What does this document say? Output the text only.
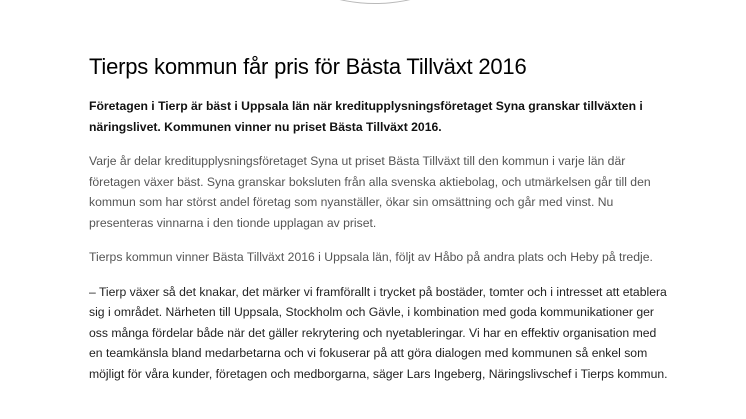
Tierps kommun får pris för Bästa Tillväxt 2016

Företagen i Tierp är bäst i Uppsala län när kreditupplysningsföretaget Syna granskar tillväxten i näringslivet. Kommunen vinner nu priset Bästa Tillväxt 2016.

Varje år delar kreditupplysningsföretaget Syna ut priset Bästa Tillväxt till den kommun i varje län där företagen växer bäst. Syna granskar boksluten från alla svenska aktiebolag, och utmärkelsen går till den kommun som har störst andel företag som nyanställer, ökar sin omsättning och går med vinst. Nu presenteras vinnarna i den tionde upplagan av priset.

Tierps kommun vinner Bästa Tillväxt 2016 i Uppsala län, följt av Håbo på andra plats och Heby på tredje.

– Tierp växer så det knakar, det märker vi framförallt i trycket på bostäder, tomter och i intresset att etablera sig i området. Närheten till Uppsala, Stockholm och Gävle, i kombination med goda kommunikationer ger oss många fördelar både när det gäller rekrytering och nyetableringar. Vi har en effektiv organisation med en teamkänsla bland medarbetarna och vi fokuserar på att göra dialogen med kommunen så enkel som möjligt för våra kunder, företagen och medborgarna, säger Lars Ingeberg, Näringslivschef i Tierps kommun.
